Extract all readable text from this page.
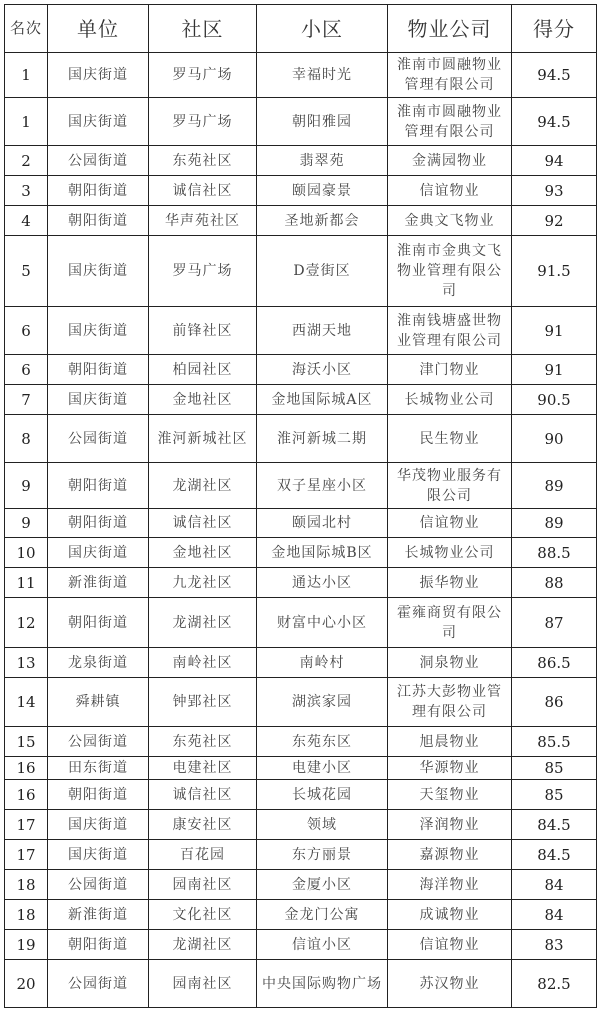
名次	单位	社区	小区	物业公司	得分
1	国庆街道	罗马广场	幸福时光	淮南市圆融物业管理有限公司	94.5
1	国庆街道	罗马广场	朝阳雅园	淮南市圆融物业管理有限公司	94.5
2	公园街道	东苑社区	翡翠苑	金满园物业	94
3	朝阳街道	诚信社区	颐园豪景	信谊物业	93
4	朝阳街道	华声苑社区	圣地新都会	金典文飞物业	92
5	国庆街道	罗马广场	D壹街区	淮南市金典文飞物业管理有限公司	91.5
6	国庆街道	前锋社区	西湖天地	淮南钱塘盛世物业管理有限公司	91
6	朝阳街道	柏园社区	海沃小区	津门物业	91
7	国庆街道	金地社区	金地国际城A区	长城物业公司	90.5
8	公园街道	淮河新城社区	淮河新城二期	民生物业	90
9	朝阳街道	龙湖社区	双子星座小区	华茂物业服务有限公司	89
9	朝阳街道	诚信社区	颐园北村	信谊物业	89
10	国庆街道	金地社区	金地国际城B区	长城物业公司	88.5
11	新淮街道	九龙社区	通达小区	振华物业	88
12	朝阳街道	龙湖社区	财富中心小区	霍雍商贸有限公司	87
13	龙泉街道	南岭社区	南岭村	洞泉物业	86.5
14	舜耕镇	钟郢社区	湖滨家园	江苏大彭物业管理有限公司	86
15	公园街道	东苑社区	东苑东区	旭晨物业	85.5
16	田东街道	电建社区	电建小区	华源物业	85
16	朝阳街道	诚信社区	长城花园	天玺物业	85
17	国庆街道	康安社区	领域	泽润物业	84.5
17	国庆街道	百花园	东方丽景	嘉源物业	84.5
18	公园街道	园南社区	金厦小区	海洋物业	84
18	新淮街道	文化社区	金龙门公寓	成诚物业	84
19	朝阳街道	龙湖社区	信谊小区	信谊物业	83
20	公园街道	园南社区	中央国际购物广场	苏汉物业	82.5
